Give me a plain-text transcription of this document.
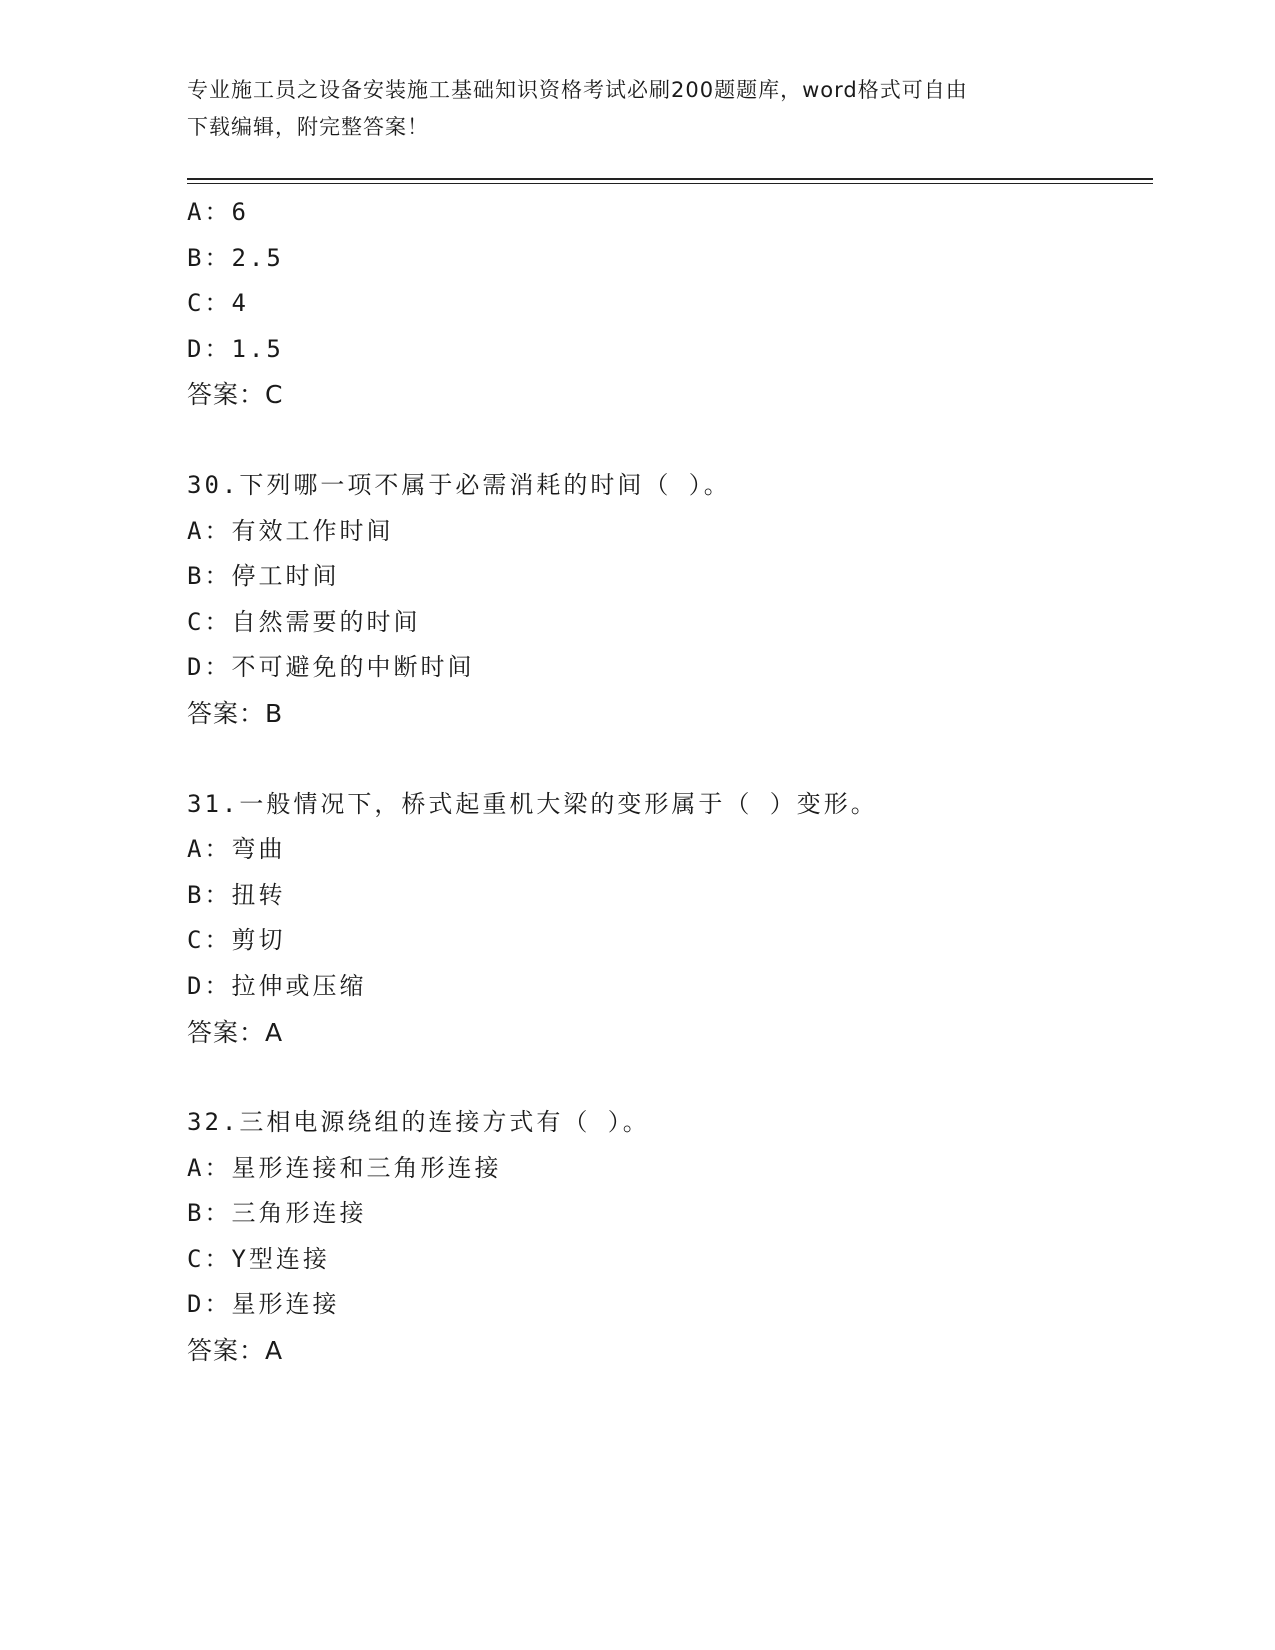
专业施工员之设备安装施工基础知识资格考试必刷200题题库，word格式可自由
下载编辑，附完整答案！
A：6
B：2.5
C：4
D：1.5
答案：C
30.下列哪一项不属于必需消耗的时间（ ）。
A：有效工作时间
B：停工时间
C：自然需要的时间
D：不可避免的中断时间
答案：B
31.一般情况下，桥式起重机大梁的变形属于（ ）变形。
A：弯曲
B：扭转
C：剪切
D：拉伸或压缩
答案：A
32.三相电源绕组的连接方式有（ ）。
A：星形连接和三角形连接
B：三角形连接
C：Y型连接
D：星形连接
答案：A
